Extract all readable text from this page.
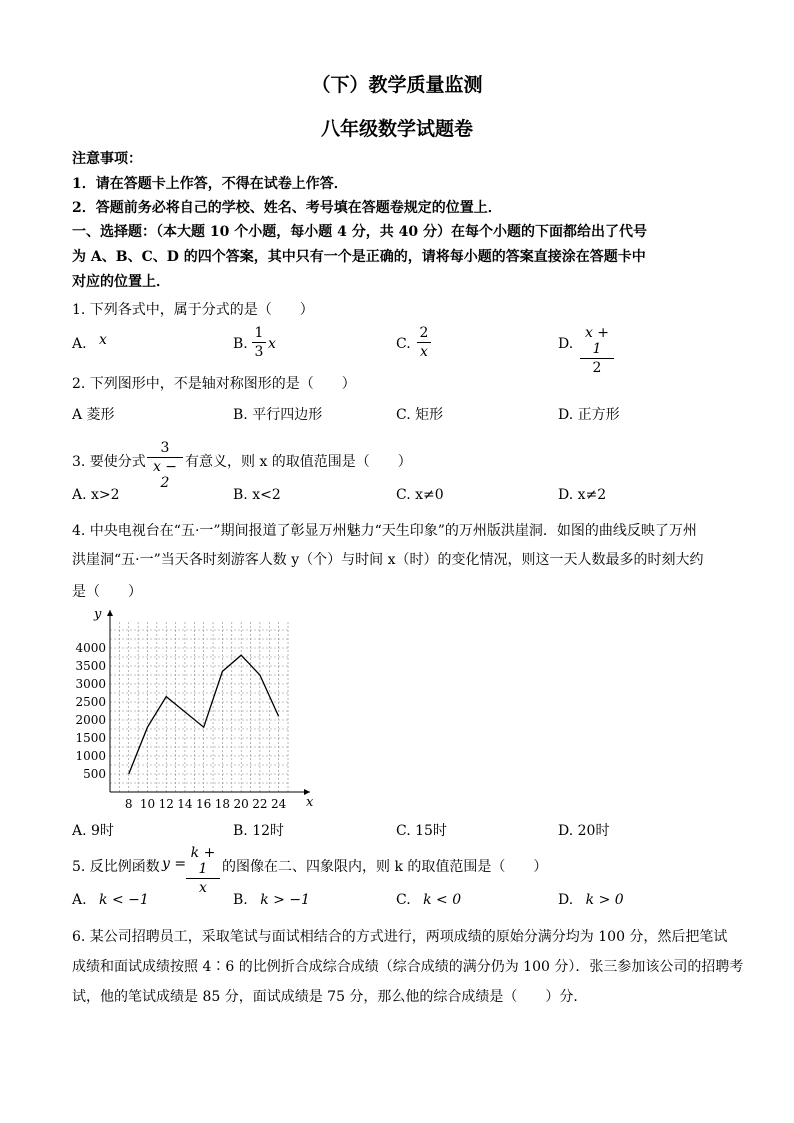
（下）教学质量监测
八年级数学试题卷
注意事项：
1．请在答题卡上作答，不得在试卷上作答．
2．答题前务必将自己的学校、姓名、考号填在答题卷规定的位置上．
一、选择题：（本大题 10 个小题，每小题 4 分，共 40 分）在每个小题的下面都给出了代号
为 A、B、C、D 的四个答案，其中只有一个是正确的，请将每小题的答案直接涂在答题卡中
对应的位置上．
1. 下列各式中，属于分式的是（　　）
A. x	B.
1
3 x	C.
2
x	D.
x + 1
2
2. 下列图形中，不是轴对称图形的是（　　）
A 菱形	B. 平行四边形	C. 矩形	D. 正方形
3. 要使分式
3
x − 2
有意义，则 x 的取值范围是（　　）
A. x>2	B. x<2	C. x≠0	D. x≠2
4. 中央电视台在“五·一”期间报道了彰显万州魅力“天生印象”的万州版洪崖洞．如图的曲线反映了万州
洪崖洞“五·一”当天各时刻游客人数 y（个）与时间 x（时）的变化情况，则这一天人数最多的时刻大约
是（　　）
x
y
8 10 12 14 16 18 20 22 24
500
1000
1500
2000
2500
3000
3500
4000
A. 9时	B. 12时	C. 15时	D. 20时
5. 反比例函数 y =
k + 1
x
的图像在二、四象限内，则 k 的取值范围是（　　）
A. k < −1	B. k > −1	C. k < 0	D. k > 0
6. 某公司招聘员工，采取笔试与面试相结合的方式进行，两项成绩的原始分满分均为 100 分，然后把笔试
成绩和面试成绩按照 4∶6 的比例折合成综合成绩（综合成绩的满分仍为 100 分）．张三参加该公司的招聘考
试，他的笔试成绩是 85 分，面试成绩是 75 分，那么他的综合成绩是（　　）分．
